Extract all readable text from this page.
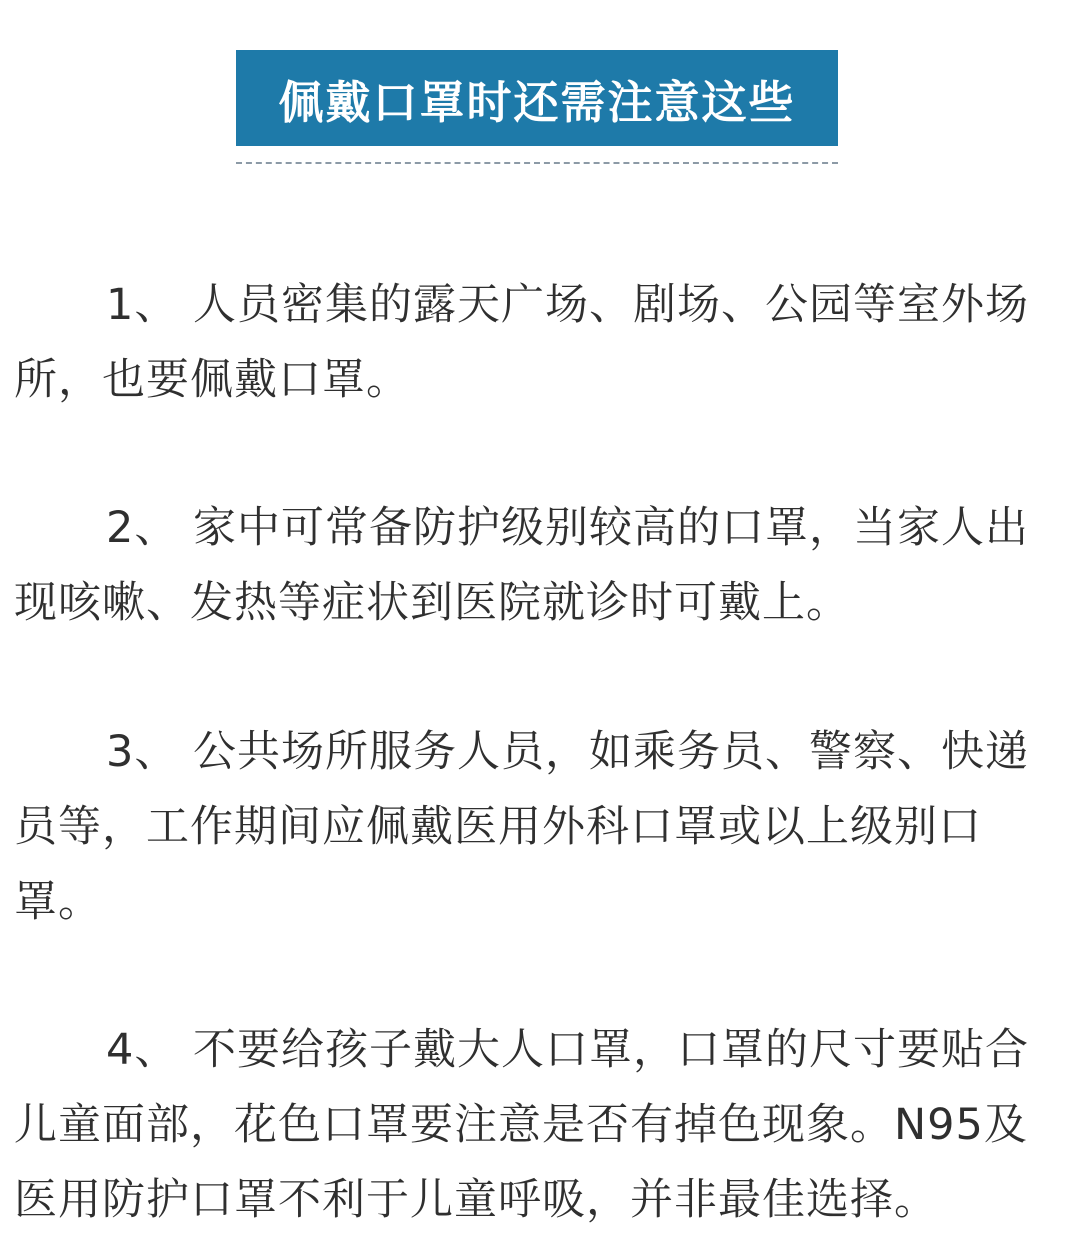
佩戴口罩时还需注意这些

1、 人员密集的露天广场、剧场、公园等室外场所，也要佩戴口罩。

2、 家中可常备防护级别较高的口罩，当家人出现咳嗽、发热等症状到医院就诊时可戴上。

3、 公共场所服务人员，如乘务员、警察、快递员等，工作期间应佩戴医用外科口罩或以上级别口罩。

4、 不要给孩子戴大人口罩，口罩的尺寸要贴合儿童面部，花色口罩要注意是否有掉色现象。N95及医用防护口罩不利于儿童呼吸，并非最佳选择。
